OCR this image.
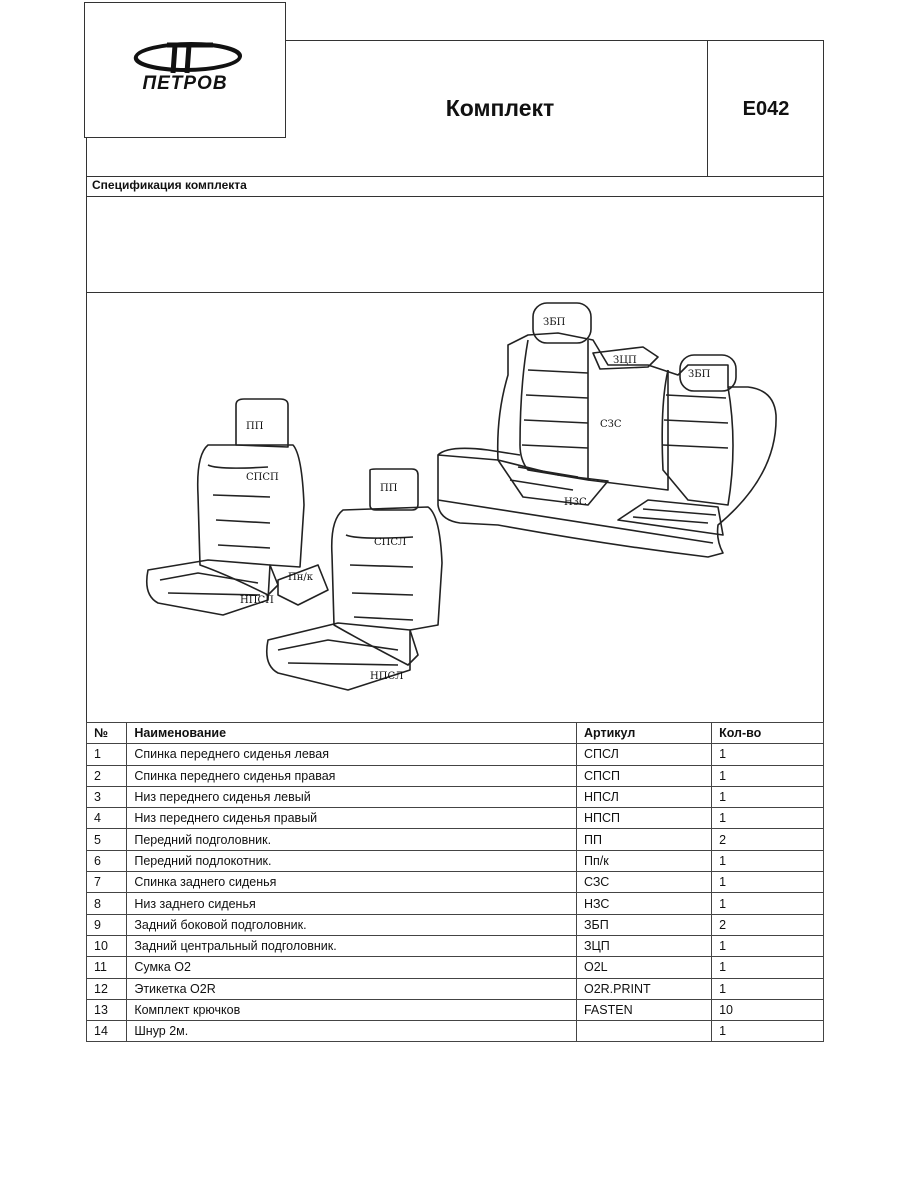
ПЕТРОВ
Комплект	E042
Спецификация комплекта
ЗБП
ЗЦП
ЗБП
СЗС
НЗС
ПП
СПСП
НПСП
ПП
СПСЛ
НПСЛ
Пн/к
№	Наименование	Артикул	Кол-во
1	Спинка переднего сиденья левая	СПСЛ	1
2	Спинка переднего сиденья правая	СПСП	1
3	Низ переднего сиденья левый	НПСЛ	1
4	Низ переднего сиденья правый	НПСП	1
5	Передний подголовник.	ПП	2
6	Передний подлокотник.	Пп/к	1
7	Спинка заднего сиденья	СЗС	1
8	Низ заднего сиденья	НЗС	1
9	Задний боковой подголовник.	ЗБП	2
10	Задний центральный подголовник.	ЗЦП	1
11	Сумка О2	O2L	1
12	Этикетка O2R	O2R.PRINT	1
13	Комплект крючков	FASTEN	10
14	Шнур 2м.		1
